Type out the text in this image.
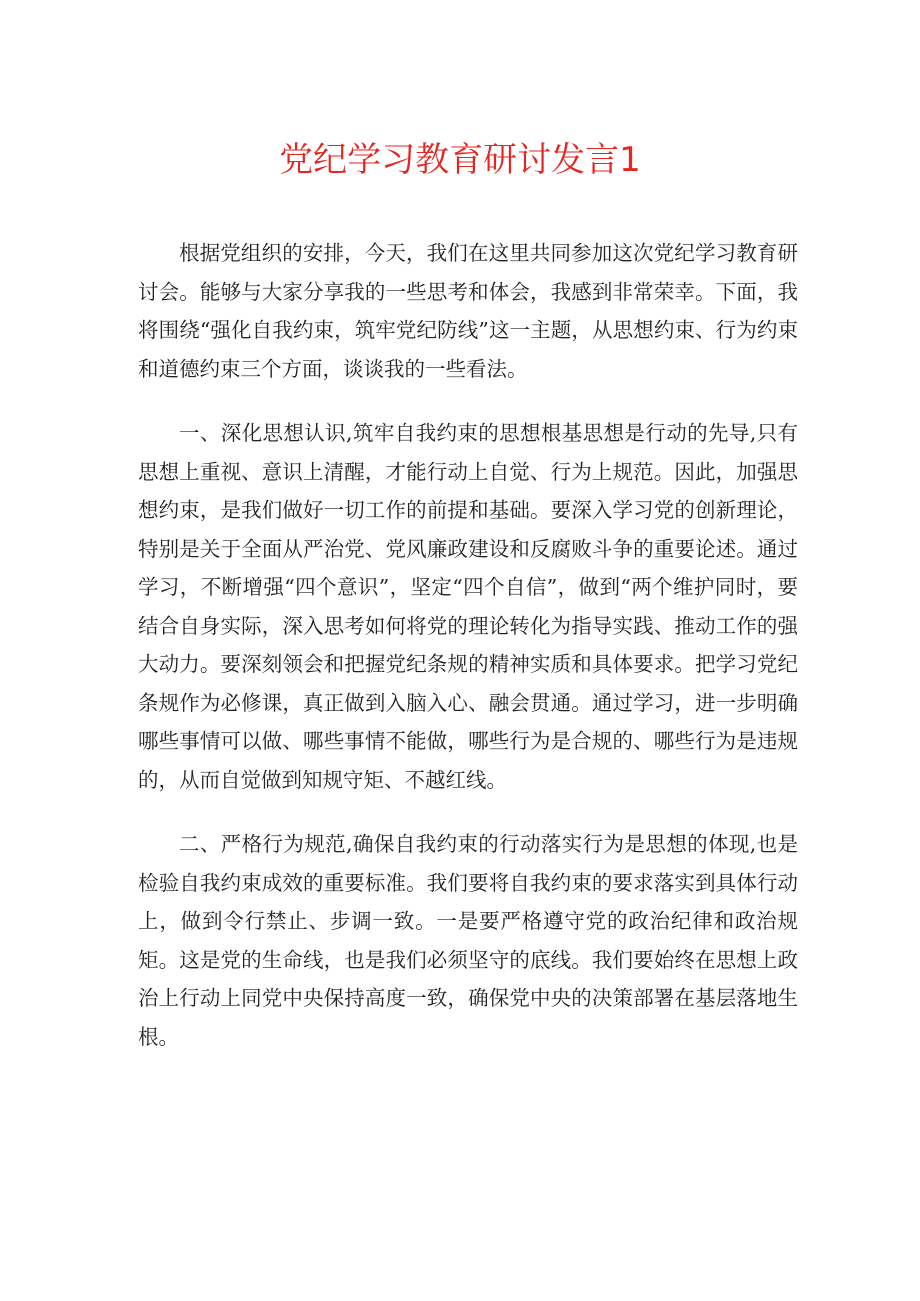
党纪学习教育研讨发言1

根据党组织的安排，今天，我们在这里共同参加这次党纪学习教育研讨会。能够与大家分享我的一些思考和体会，我感到非常荣幸。下面，我将围绕“强化自我约束，筑牢党纪防线”这一主题，从思想约束、行为约束和道德约束三个方面，谈谈我的一些看法。

一、深化思想认识,筑牢自我约束的思想根基思想是行动的先导,只有思想上重视、意识上清醒，才能行动上自觉、行为上规范。因此，加强思想约束，是我们做好一切工作的前提和基础。要深入学习党的创新理论，特别是关于全面从严治党、党风廉政建设和反腐败斗争的重要论述。通过学习，不断增强“四个意识”，坚定“四个自信”，做到“两个维护同时，要结合自身实际，深入思考如何将党的理论转化为指导实践、推动工作的强大动力。要深刻领会和把握党纪条规的精神实质和具体要求。把学习党纪条规作为必修课，真正做到入脑入心、融会贯通。通过学习，进一步明确哪些事情可以做、哪些事情不能做，哪些行为是合规的、哪些行为是违规的，从而自觉做到知规守矩、不越红线。

二、严格行为规范,确保自我约束的行动落实行为是思想的体现,也是检验自我约束成效的重要标准。我们要将自我约束的要求落实到具体行动上，做到令行禁止、步调一致。一是要严格遵守党的政治纪律和政治规矩。这是党的生命线，也是我们必须坚守的底线。我们要始终在思想上政治上行动上同党中央保持高度一致，确保党中央的决策部署在基层落地生根。
